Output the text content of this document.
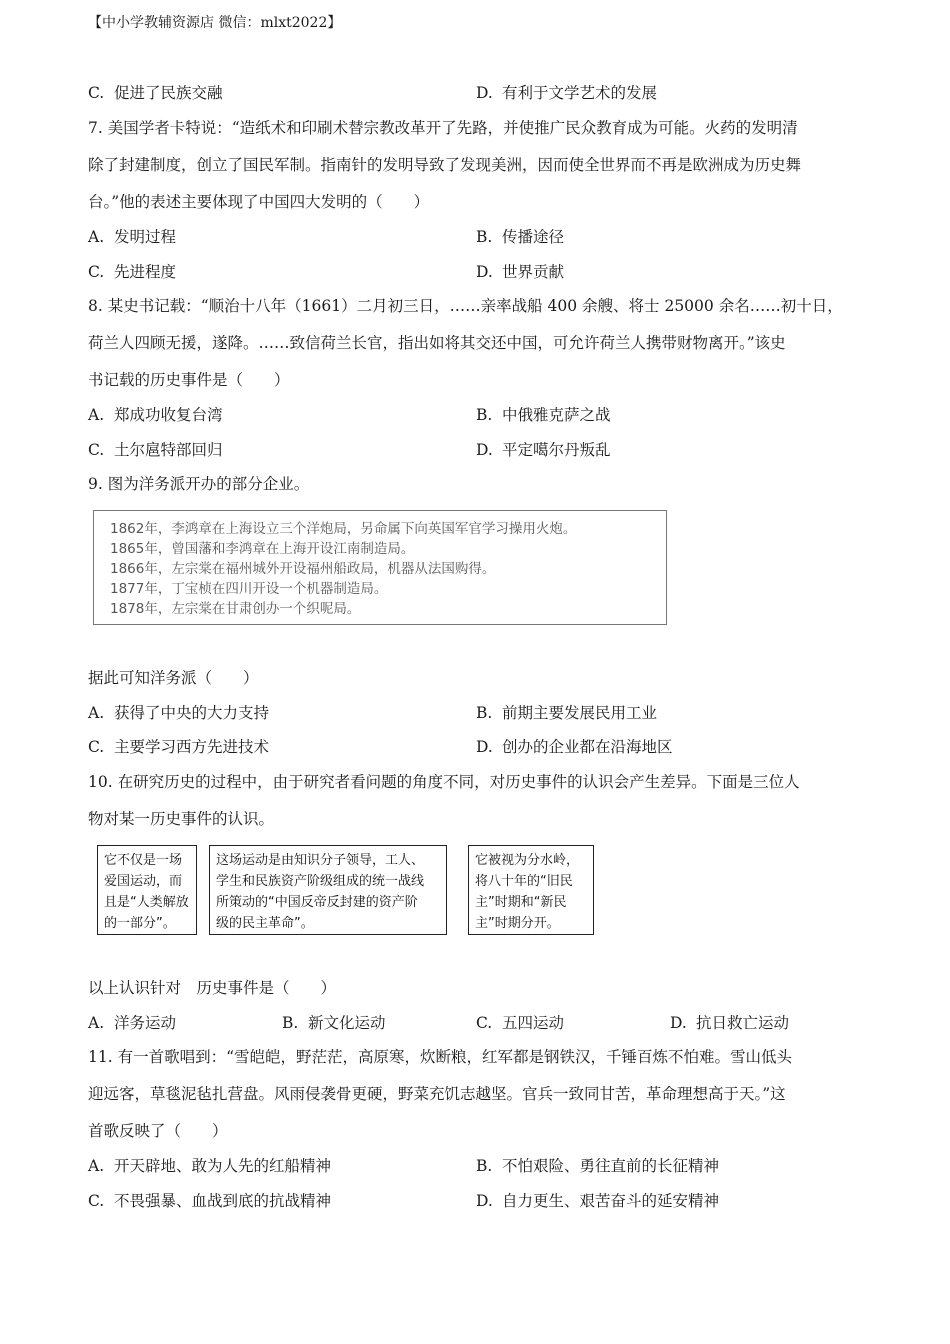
【中小学教辅资源店 微信：mlxt2022】
C. 促进了民族交融	D. 有利于文学艺术的发展
7. 美国学者卡特说：“造纸术和印刷术替宗教改革开了先路，并使推广民众教育成为可能。火药的发明清
除了封建制度，创立了国民军制。指南针的发明导致了发现美洲，因而使全世界而不再是欧洲成为历史舞
台。”他的表述主要体现了中国四大发明的（　　）
A. 发明过程	B. 传播途径
C. 先进程度	D. 世界贡献
8. 某史书记载：“顺治十八年（1661）二月初三日，……亲率战船 400 余艘、将士 25000 余名……初十日，
荷兰人四顾无援，遂降。……致信荷兰长官，指出如将其交还中国，可允许荷兰人携带财物离开。”该史
书记载的历史事件是（　　）
A. 郑成功收复台湾	B. 中俄雅克萨之战
C. 土尔扈特部回归	D. 平定噶尔丹叛乱
9. 图为洋务派开办的部分企业。
1862年，李鸿章在上海设立三个洋炮局，另命属下向英国军官学习操用火炮。
1865年，曾国藩和李鸿章在上海开设江南制造局。
1866年，左宗棠在福州城外开设福州船政局，机器从法国购得。
1877年，丁宝桢在四川开设一个机器制造局。
1878年，左宗棠在甘肃创办一个织呢局。
据此可知洋务派（　　）
A. 获得了中央的大力支持	B. 前期主要发展民用工业
C. 主要学习西方先进技术	D. 创办的企业都在沿海地区
10. 在研究历史的过程中，由于研究者看问题的角度不同，对历史事件的认识会产生差异。下面是三位人
物对某一历史事件的认识。
它不仅是一场
爱国运动，而
且是“人类解放
的一部分”。
这场运动是由知识分子领导，工人、
学生和民族资产阶级组成的统一战线
所策动的“中国反帝反封建的资产阶
级的民主革命”。
它被视为分水岭，
将八十年的“旧民
主”时期和“新民
主”时期分开。
以上认识针对　历史事件是（　　）
A. 洋务运动	B. 新文化运动	C. 五四运动	D. 抗日救亡运动
11. 有一首歌唱到：“雪皑皑，野茫茫，高原寒，炊断粮，红军都是钢铁汉，千锤百炼不怕难。雪山低头
迎远客，草毯泥毡扎营盘。风雨侵袭骨更硬，野菜充饥志越坚。官兵一致同甘苦，革命理想高于天。”这
首歌反映了（　　）
A. 开天辟地、敢为人先的红船精神	B. 不怕艰险、勇往直前的长征精神
C. 不畏强暴、血战到底的抗战精神	D. 自力更生、艰苦奋斗的延安精神
